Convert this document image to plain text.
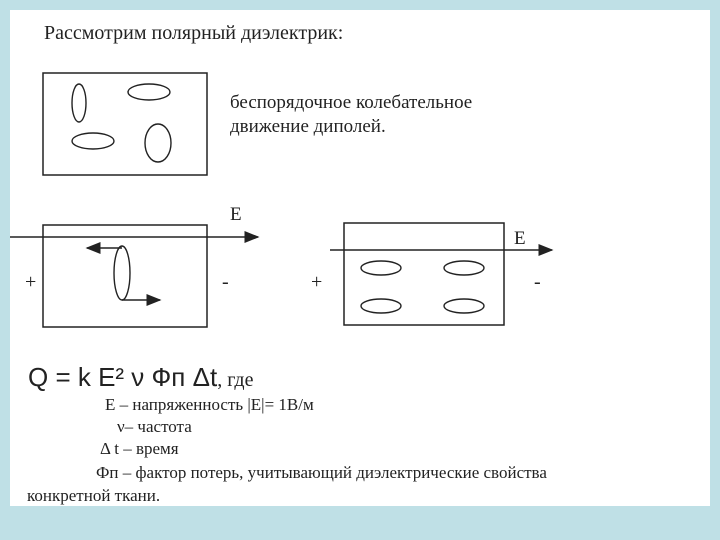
Рассмотрим полярный диэлектрик:
беспорядочное колебательное
движение диполей.
E
+	-
E
+	-
Q = k E² ν Фп Δt, где
E – напряженность |E|= 1В/м
ν– частота
Δ t – время
Фп – фактор потерь, учитывающий диэлектрические свойства
конкретной ткани.
